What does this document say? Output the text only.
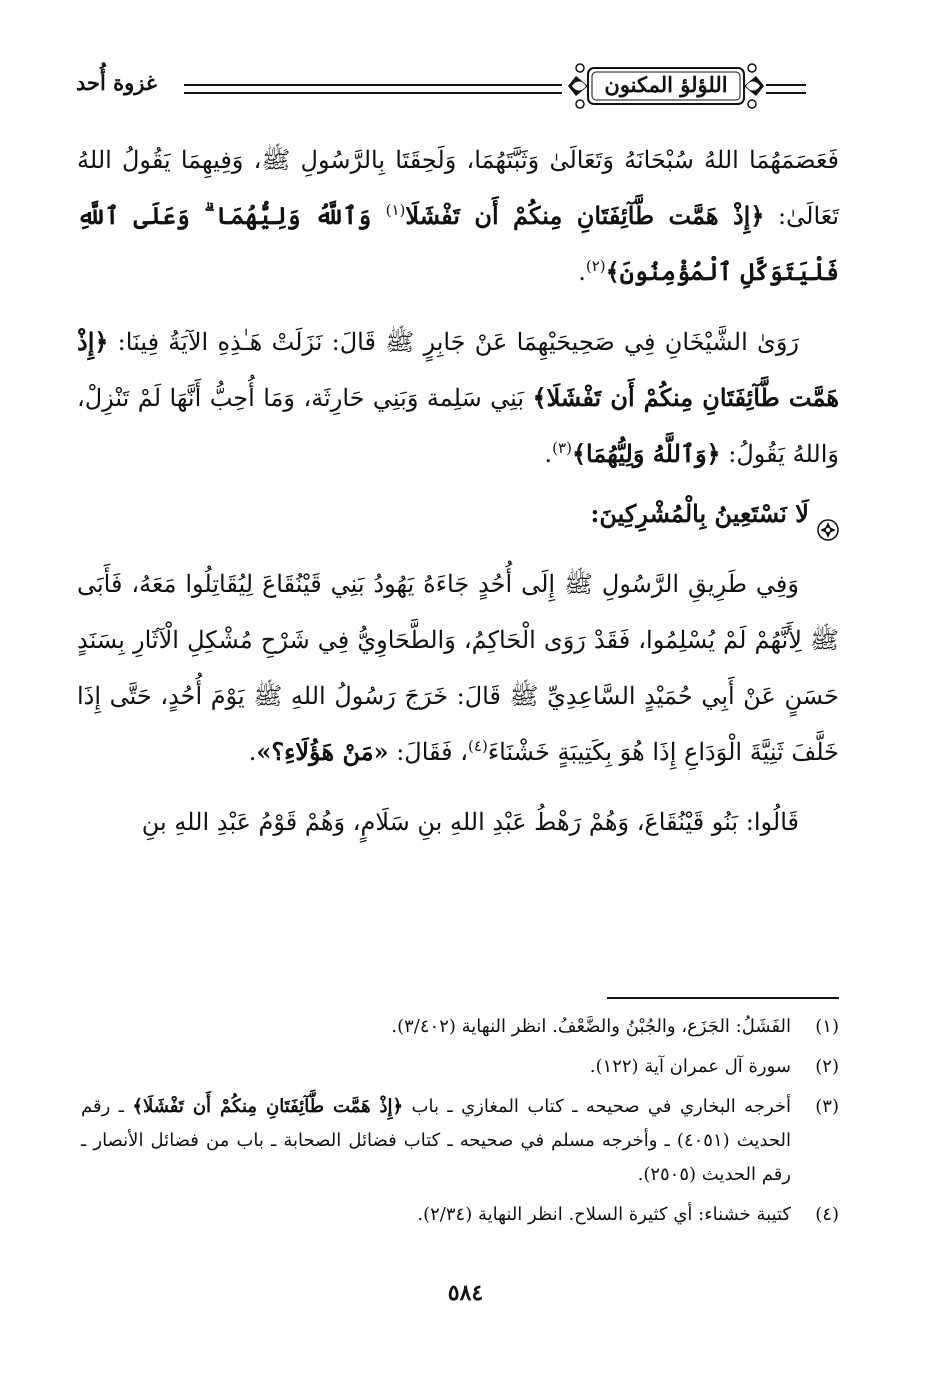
غزوة أُحد	اللؤلؤ المكنون

فَعَصَمَهُمَا اللهُ سُبْحَانَهُ وَتَعَالَىٰ وَثَبَّتَهُمَا، وَلَحِقَتَا بِالرَّسُولِ ﷺ، وَفِيهِمَا يَقُولُ اللهُ تَعَالَىٰ: ﴿إِذْ هَمَّت طَّآئِفَتَانِ مِنكُمْ أَن تَفْشَلَا$^{(١)}$ وَٱللَّهُ وَلِيُّهُمَا ۗ وَعَلَى ٱللَّهِ فَلْيَتَوَكَّلِ ٱلْمُؤْمِنُونَ﴾$^{(٢)}$.

رَوَىٰ الشَّيْخَانِ فِي صَحِيحَيْهِمَا عَنْ جَابِرٍ ﷺ قَالَ: نَزَلَتْ هَـٰذِهِ الآيَةُ فِينَا: ﴿إِذْ هَمَّت طَّآئِفَتَانِ مِنكُمْ أَن تَفْشَلَا﴾ بَنِي سَلِمة وَبَنِي حَارِثَة، وَمَا أُحِبُّ أَنَّهَا لَمْ تَنْزِلْ، وَاللهُ يَقُولُ: ﴿وَٱللَّهُ وَلِيُّهُمَا﴾$^{(٣)}$.

لَا نَسْتَعِينُ بِالْمُشْرِكِينَ:

وَفِي طَرِيقِ الرَّسُولِ ﷺ إِلَى أُحُدٍ جَاءَهُ يَهُودُ بَنِي قَيْنُقَاعَ لِيُقَاتِلُوا مَعَهُ، فَأَبَى ﷺ لِأَنَّهُمْ لَمْ يُسْلِمُوا، فَقَدْ رَوَى الْحَاكِمُ، وَالطَّحَاوِيُّ فِي شَرْحِ مُشْكِلِ الْآثَارِ بِسَنَدٍ حَسَنٍ عَنْ أَبِي حُمَيْدٍ السَّاعِدِيِّ ﷺ قَالَ: خَرَجَ رَسُولُ اللهِ ﷺ يَوْمَ أُحُدٍ، حَتَّى إِذَا خَلَّفَ ثَنِيَّةَ الْوَدَاعِ إِذَا هُوَ بِكَتِيبَةٍ خَشْنَاءَ$^{(٤)}$، فَقَالَ: «مَنْ هَؤُلَاءِ؟».

قَالُوا: بَنُو قَيْنُقَاعَ، وَهُمْ رَهْطُ عَبْدِ اللهِ بنِ سَلَامٍ، وَهُمْ قَوْمُ عَبْدِ اللهِ بنِ

(١)
الفَشَلُ: الجَزَع، والجُبْنُ والضَّعْفُ. انظر النهاية (٣/٤٠٢).

(٢)
سورة آل عمران آية (١٢٢).

(٣)
أخرجه البخاري في صحيحه ـ كتاب المغازي ـ باب ﴿إِذْ هَمَّت طَّآئِفَتَانِ مِنكُمْ أَن تَفْشَلَا﴾ ـ رقم الحديث (٤٠٥١) ـ وأخرجه مسلم في صحيحه ـ كتاب فضائل الصحابة ـ باب من فضائل الأنصار ـ رقم الحديث (٢٥٠٥).

(٤)
كتيبة خشناء: أي كثيرة السلاح. انظر النهاية (٢/٣٤).

٥٨٤
